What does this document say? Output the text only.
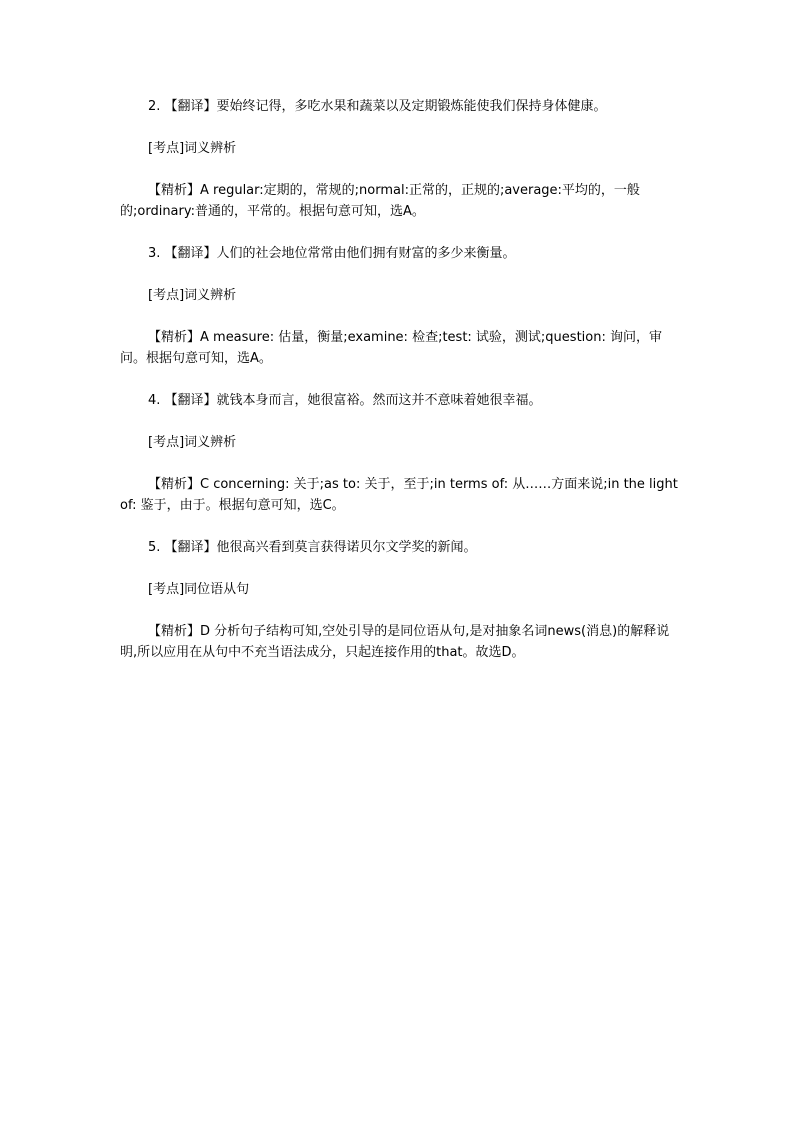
2. 【翻译】要始终记得，多吃水果和蔬菜以及定期锻炼能使我们保持身体健康。

[考点]词义辨析

【精析】A regular:定期的，常规的;normal:正常的，正规的;average:平均的，一般的;ordinary:普通的，平常的。根据句意可知，选A。

3. 【翻译】人们的社会地位常常由他们拥有财富的多少来衡量。

[考点]词义辨析

【精析】A measure: 估量，衡量;examine: 检查;test: 试验，测试;question: 询问，审问。根据句意可知，选A。

4. 【翻译】就钱本身而言，她很富裕。然而这并不意味着她很幸福。

[考点]词义辨析

【精析】C concerning: 关于;as to: 关于，至于;in terms of: 从……方面来说;in the light of: 鉴于，由于。根据句意可知，选C。

5. 【翻译】他很高兴看到莫言获得诺贝尔文学奖的新闻。

[考点]同位语从句

【精析】D 分析句子结构可知,空处引导的是同位语从句,是对抽象名词news(消息)的解释说明,所以应用在从句中不充当语法成分，只起连接作用的that。故选D。
